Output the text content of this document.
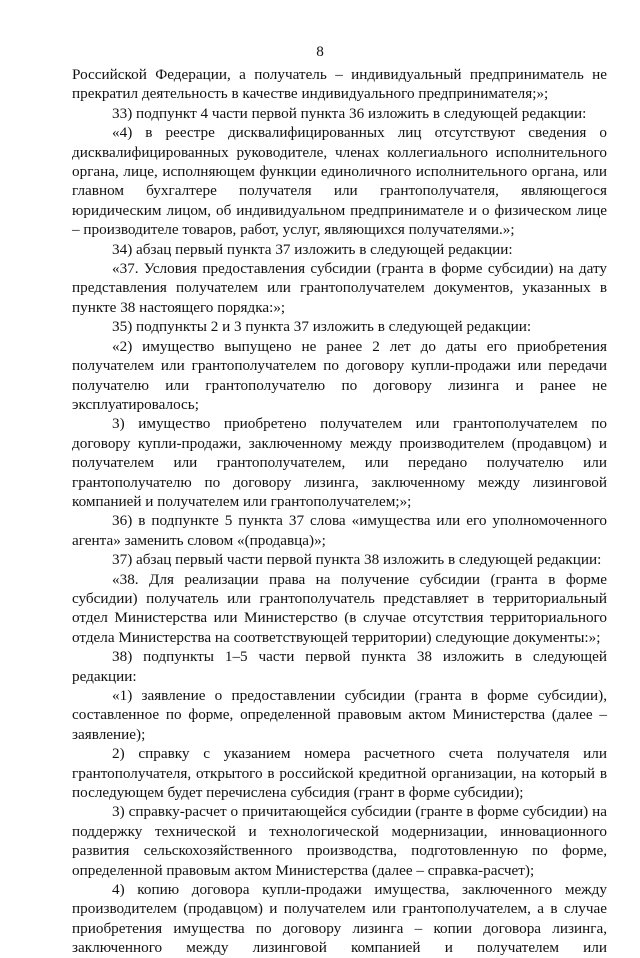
8

Российской Федерации, а получатель – индивидуальный предприниматель не прекратил деятельность в качестве индивидуального предпринимателя;»;

33) подпункт 4 части первой пункта 36 изложить в следующей редакции:

«4) в реестре дисквалифицированных лиц отсутствуют сведения о дисквалифицированных руководителе, членах коллегиального исполнительного органа, лице, исполняющем функции единоличного исполнительного органа, или главном бухгалтере получателя или грантополучателя, являющегося юридическим лицом, об индивидуальном предпринимателе и о физическом лице – производителе товаров, работ, услуг, являющихся получателями.»;

34) абзац первый пункта 37 изложить в следующей редакции:

«37. Условия предоставления субсидии (гранта в форме субсидии) на дату представления получателем или грантополучателем документов, указанных в пункте 38 настоящего порядка:»;

35) подпункты 2 и 3 пункта 37 изложить в следующей редакции:

«2) имущество выпущено не ранее 2 лет до даты его приобретения получателем или грантополучателем по договору купли-продажи или передачи получателю или грантополучателю по договору лизинга и ранее не эксплуатировалось;

3) имущество приобретено получателем или грантополучателем по договору купли-продажи, заключенному между производителем (продавцом) и получателем или грантополучателем, или передано получателю или грантополучателю по договору лизинга, заключенному между лизинговой компанией и получателем или грантополучателем;»;

36) в подпункте 5 пункта 37 слова «имущества или его уполномоченного агента» заменить словом «(продавца)»;

37) абзац первый части первой пункта 38 изложить в следующей редакции:

«38. Для реализации права на получение субсидии (гранта в форме субсидии) получатель или грантополучатель представляет в территориальный отдел Министерства или Министерство (в случае отсутствия территориального отдела Министерства на соответствующей территории) следующие документы:»;

38) подпункты 1–5 части первой пункта 38 изложить в следующей редакции:

«1) заявление о предоставлении субсидии (гранта в форме субсидии), составленное по форме, определенной правовым актом Министерства (далее – заявление);

2) справку с указанием номера расчетного счета получателя или грантополучателя, открытого в российской кредитной организации, на который в последующем будет перечислена субсидия (грант в форме субсидии);

3) справку-расчет о причитающейся субсидии (гранте в форме субсидии) на поддержку технической и технологической модернизации, инновационного развития сельскохозяйственного производства, подготовленную по форме, определенной правовым актом Министерства (далее – справка-расчет);

4) копию договора купли-продажи имущества, заключенного между производителем (продавцом) и получателем или грантополучателем, а в случае приобретения имущества по договору лизинга – копии договора лизинга, заключенного между лизинговой компанией и получателем или
